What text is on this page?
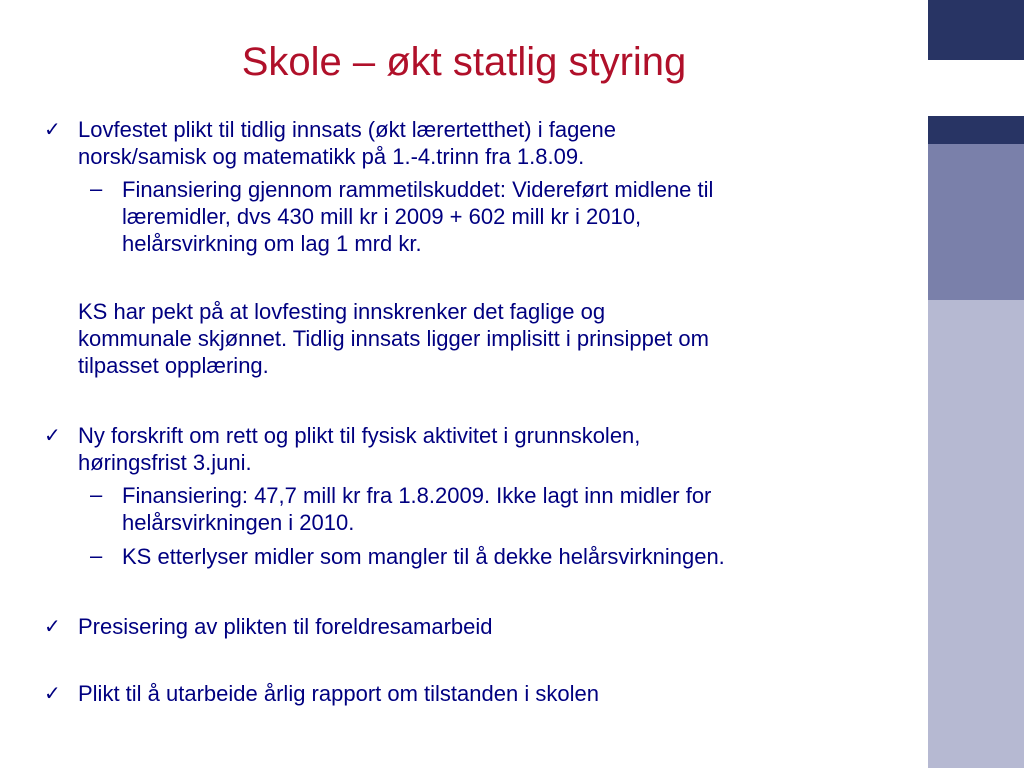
Skole – økt statlig styring
✓ Lovfestet plikt til tidlig innsats (økt lærertetthet) i fagene
norsk/samisk og matematikk på 1.-4.trinn fra 1.8.09.
– Finansiering gjennom rammetilskuddet: Videreført midlene til
læremidler, dvs 430 mill kr i 2009 + 602 mill kr i 2010,
helårsvirkning om lag 1 mrd kr.
KS har pekt på at lovfesting innskrenker det faglige og
kommunale skjønnet. Tidlig innsats ligger implisitt i prinsippet om
tilpasset opplæring.
✓ Ny forskrift om rett og plikt til fysisk aktivitet i grunnskolen,
høringsfrist 3.juni.
– Finansiering: 47,7 mill kr fra 1.8.2009. Ikke lagt inn midler for
helårsvirkningen i 2010.
– KS etterlyser midler som mangler til å dekke helårsvirkningen.
✓ Presisering av plikten til foreldresamarbeid
✓ Plikt til å utarbeide årlig rapport om tilstanden i skolen
